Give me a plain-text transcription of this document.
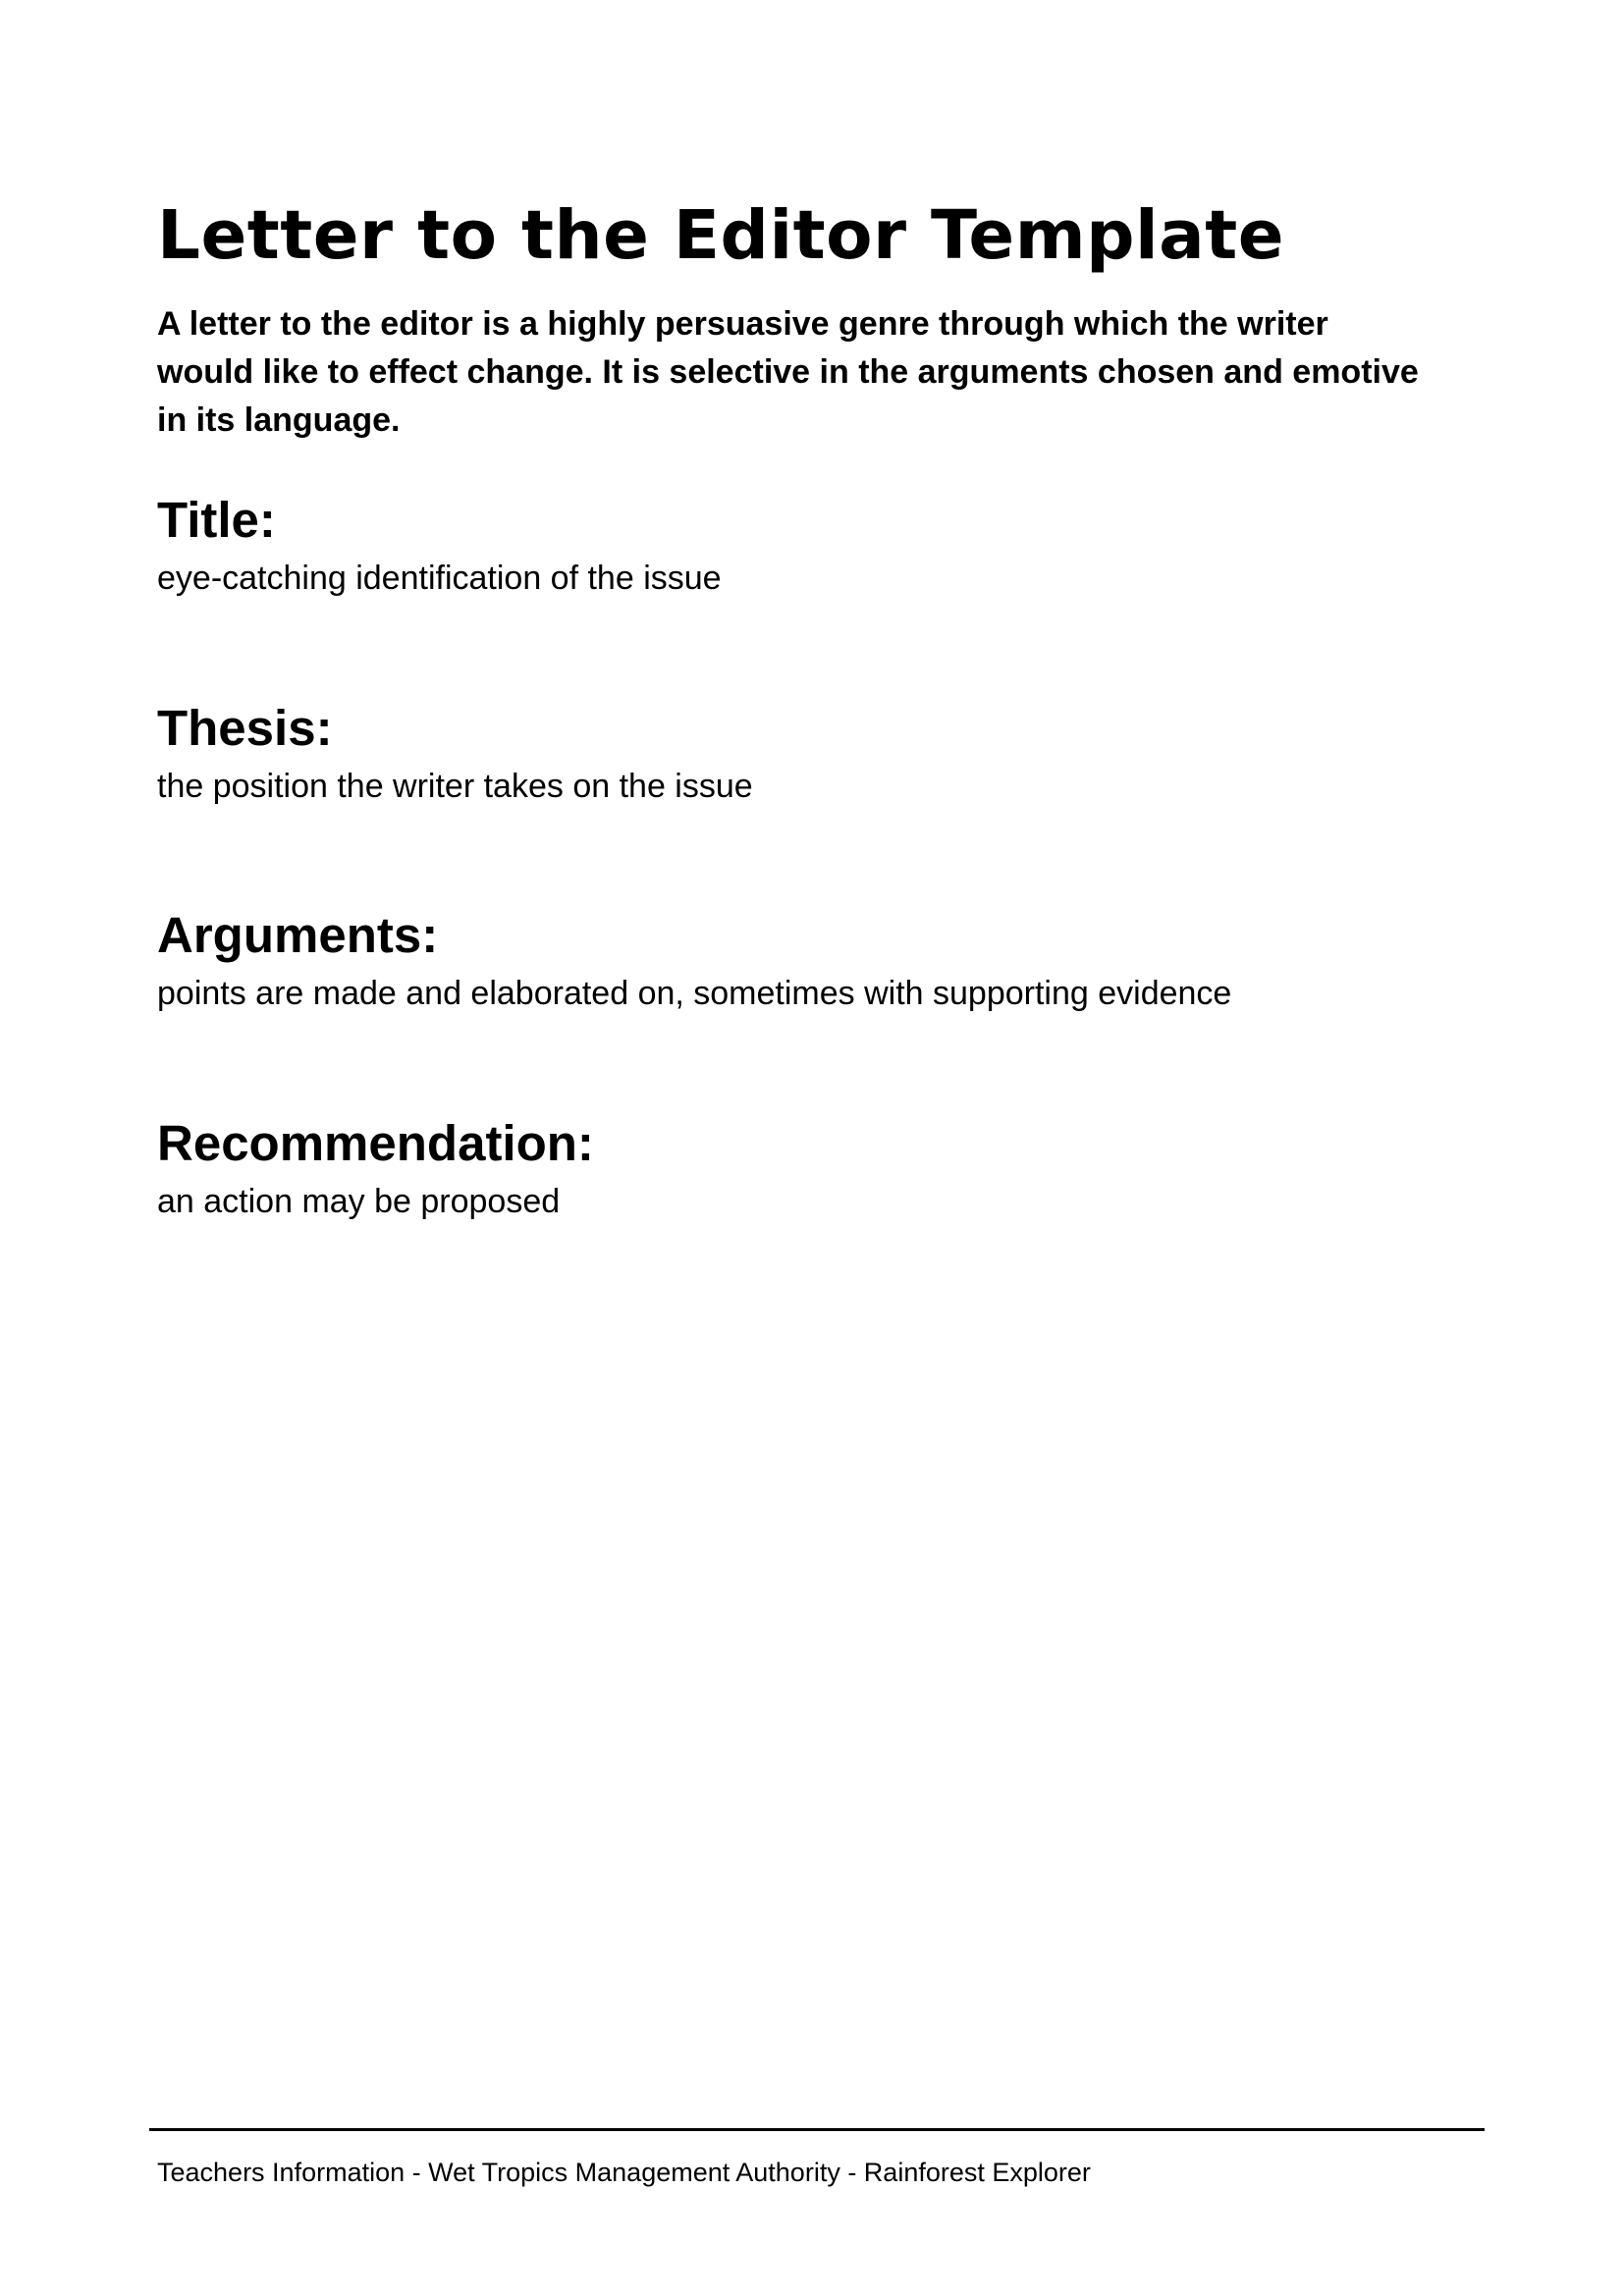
Letter to the Editor Template

A letter to the editor is a highly persuasive genre through which the writer would like to effect change. It is selective in the arguments chosen and emotive in its language.

Title:

eye-catching identification of the issue

Thesis:

the position the writer takes on the issue

Arguments:

points are made and elaborated on, sometimes with supporting evidence

Recommendation:

an action may be proposed

Teachers Information - Wet Tropics Management Authority - Rainforest Explorer
